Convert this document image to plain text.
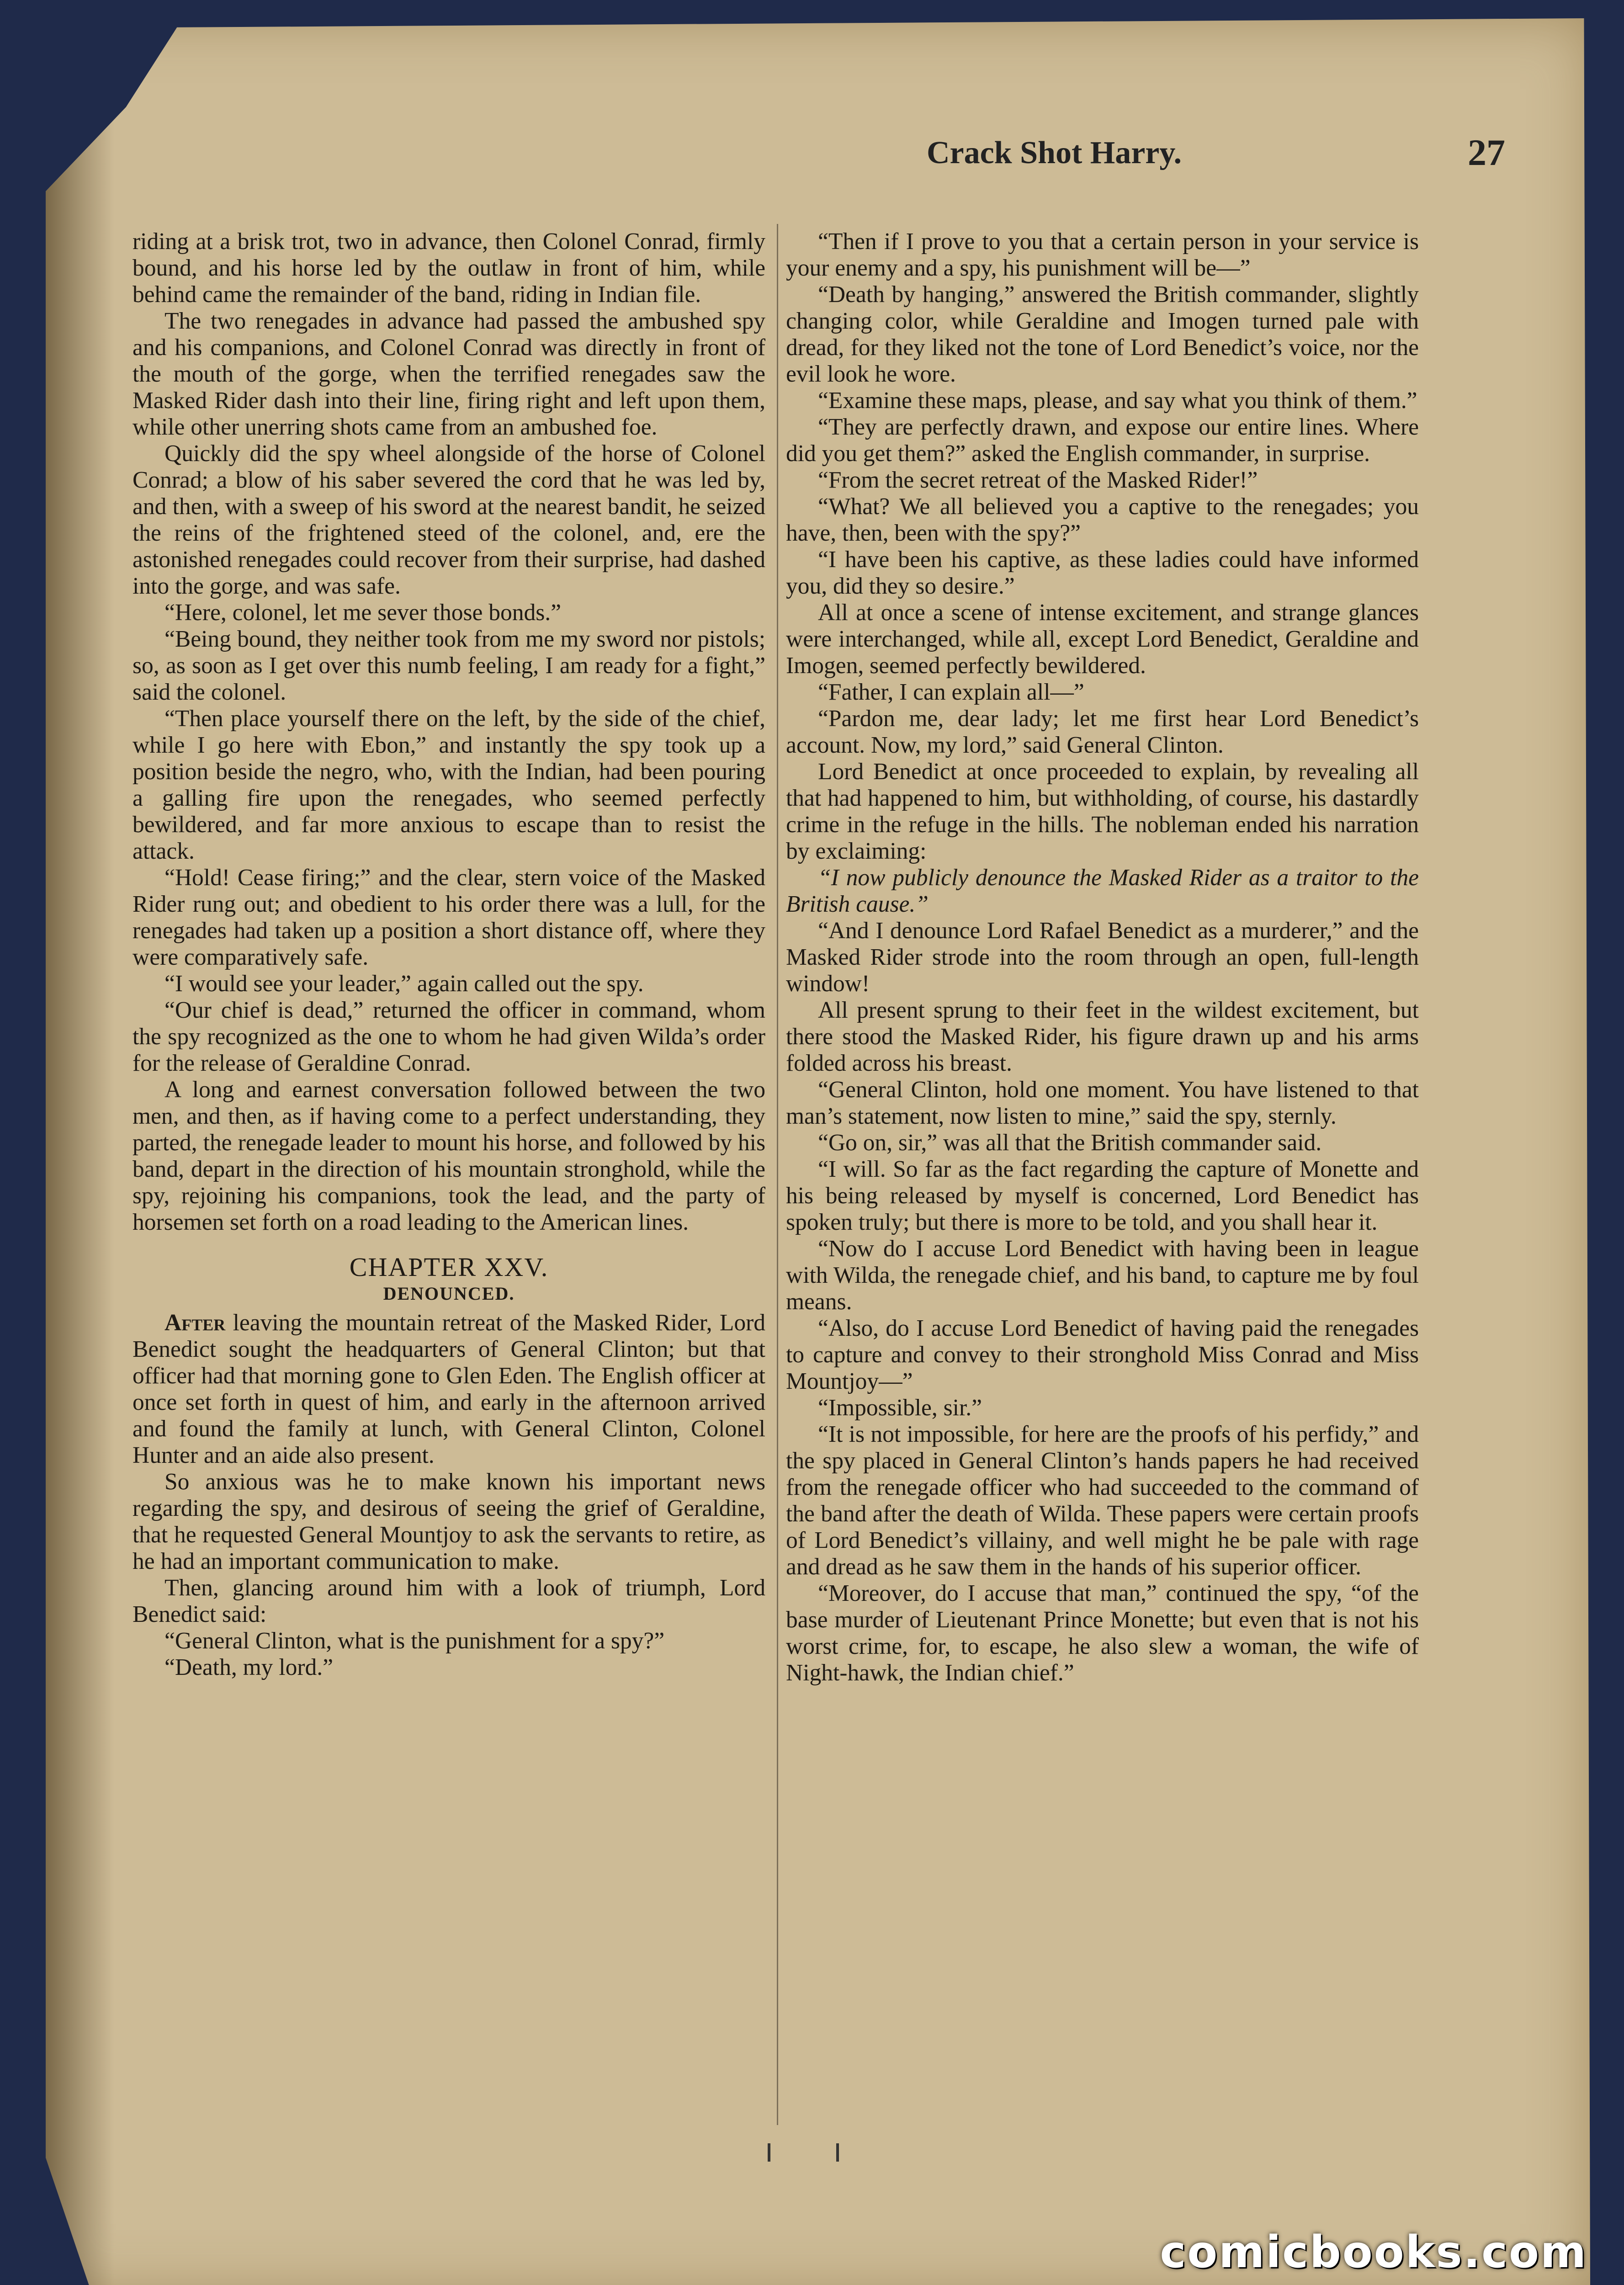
Crack Shot Harry.	27

riding at a brisk trot, two in advance, then Colonel Conrad, firmly bound, and his horse led by the outlaw in front of him, while behind came the remainder of the band, riding in Indian file.

The two renegades in advance had passed the ambushed spy and his companions, and Colonel Conrad was directly in front of the mouth of the gorge, when the terrified renegades saw the Masked Rider dash into their line, firing right and left upon them, while other unerring shots came from an ambushed foe.

Quickly did the spy wheel alongside of the horse of Colonel Conrad; a blow of his saber severed the cord that he was led by, and then, with a sweep of his sword at the nearest bandit, he seized the reins of the frightened steed of the colonel, and, ere the astonished renegades could recover from their surprise, had dashed into the gorge, and was safe.

“Here, colonel, let me sever those bonds.”

“Being bound, they neither took from me my sword nor pistols; so, as soon as I get over this numb feeling, I am ready for a fight,” said the colonel.

“Then place yourself there on the left, by the side of the chief, while I go here with Ebon,” and instantly the spy took up a position beside the negro, who, with the Indian, had been pouring a galling fire upon the renegades, who seemed perfectly bewildered, and far more anxious to escape than to resist the attack.

“Hold! Cease firing;” and the clear, stern voice of the Masked Rider rung out; and obedient to his order there was a lull, for the renegades had taken up a position a short distance off, where they were comparatively safe.

“I would see your leader,” again called out the spy.

“Our chief is dead,” returned the officer in command, whom the spy recognized as the one to whom he had given Wilda’s order for the release of Geraldine Conrad.

A long and earnest conversation followed between the two men, and then, as if having come to a perfect understanding, they parted, the renegade leader to mount his horse, and followed by his band, depart in the direction of his mountain stronghold, while the spy, rejoining his companions, took the lead, and the party of horsemen set forth on a road leading to the American lines.

CHAPTER XXV.
DENOUNCED.

After leaving the mountain retreat of the Masked Rider, Lord Benedict sought the headquarters of General Clinton; but that officer had that morning gone to Glen Eden. The English officer at once set forth in quest of him, and early in the afternoon arrived and found the family at lunch, with General Clinton, Colonel Hunter and an aide also present.

So anxious was he to make known his important news regarding the spy, and desirous of seeing the grief of Geraldine, that he requested General Mountjoy to ask the servants to retire, as he had an important communication to make.

Then, glancing around him with a look of triumph, Lord Benedict said:

“General Clinton, what is the punishment for a spy?”

“Death, my lord.”

“Then if I prove to you that a certain person in your service is your enemy and a spy, his punishment will be—”

“Death by hanging,” answered the British commander, slightly changing color, while Geraldine and Imogen turned pale with dread, for they liked not the tone of Lord Benedict’s voice, nor the evil look he wore.

“Examine these maps, please, and say what you think of them.”

“They are perfectly drawn, and expose our entire lines. Where did you get them?” asked the English commander, in surprise.

“From the secret retreat of the Masked Rider!”

“What? We all believed you a captive to the renegades; you have, then, been with the spy?”

“I have been his captive, as these ladies could have informed you, did they so desire.”

All at once a scene of intense excitement, and strange glances were interchanged, while all, except Lord Benedict, Geraldine and Imogen, seemed perfectly bewildered.

“Father, I can explain all—”

“Pardon me, dear lady; let me first hear Lord Benedict’s account. Now, my lord,” said General Clinton.

Lord Benedict at once proceeded to explain, by revealing all that had happened to him, but withholding, of course, his dastardly crime in the refuge in the hills. The nobleman ended his narration by exclaiming:

“I now publicly denounce the Masked Rider as a traitor to the British cause.”

“And I denounce Lord Rafael Benedict as a murderer,” and the Masked Rider strode into the room through an open, full-length window!

All present sprung to their feet in the wildest excitement, but there stood the Masked Rider, his figure drawn up and his arms folded across his breast.

“General Clinton, hold one moment. You have listened to that man’s statement, now listen to mine,” said the spy, sternly.

“Go on, sir,” was all that the British commander said.

“I will. So far as the fact regarding the capture of Monette and his being released by myself is concerned, Lord Benedict has spoken truly; but there is more to be told, and you shall hear it.

“Now do I accuse Lord Benedict with having been in league with Wilda, the renegade chief, and his band, to capture me by foul means.

“Also, do I accuse Lord Benedict of having paid the renegades to capture and convey to their stronghold Miss Conrad and Miss Mountjoy—”

“Impossible, sir.”

“It is not impossible, for here are the proofs of his perfidy,” and the spy placed in General Clinton’s hands papers he had received from the renegade officer who had succeeded to the command of the band after the death of Wilda. These papers were certain proofs of Lord Benedict’s villainy, and well might he be pale with rage and dread as he saw them in the hands of his superior officer.

“Moreover, do I accuse that man,” continued the spy, “of the base murder of Lieutenant Prince Monette; but even that is not his worst crime, for, to escape, he also slew a woman, the wife of Night-hawk, the Indian chief.”

comicbooks.com
